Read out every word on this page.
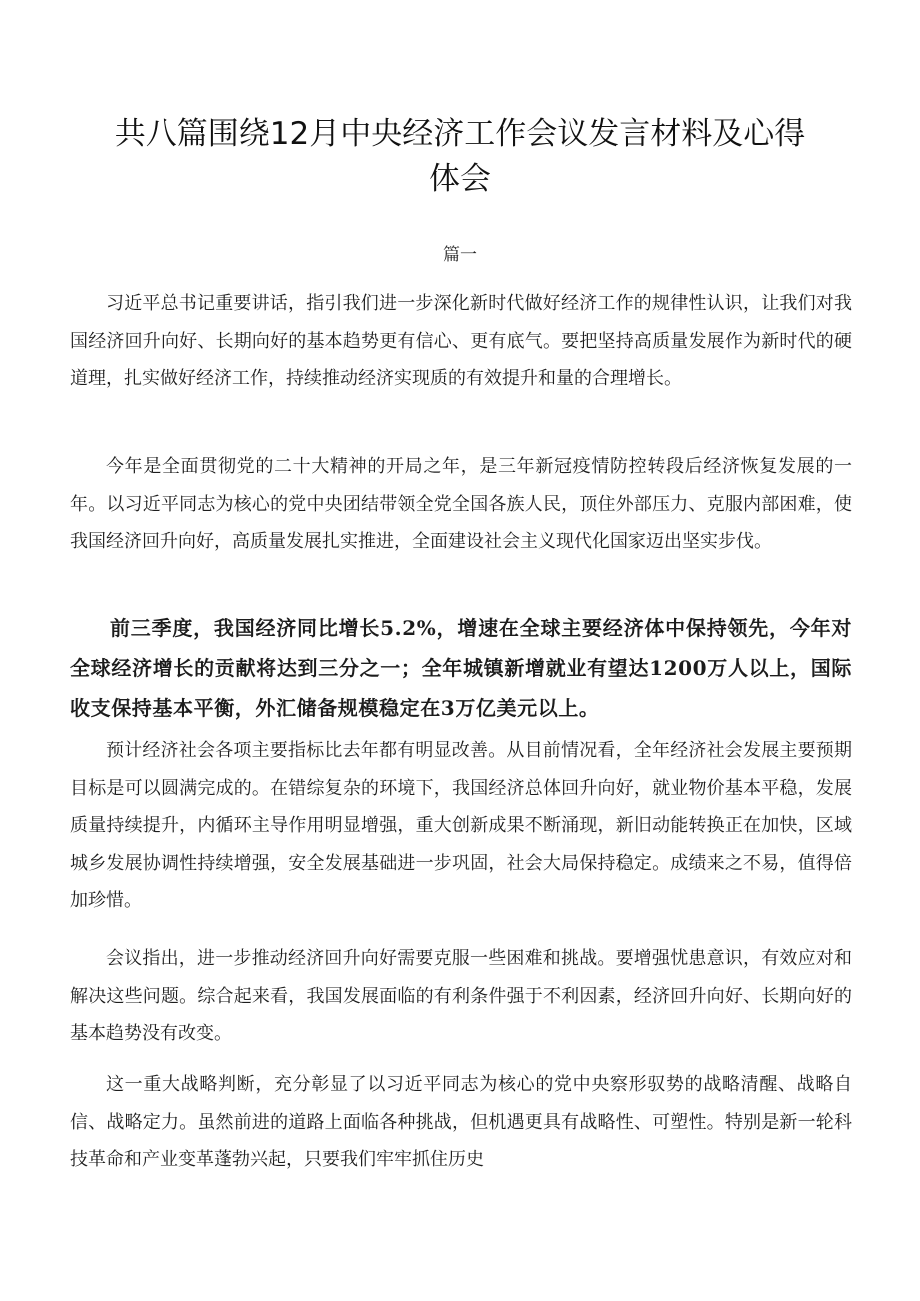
共八篇围绕12月中央经济工作会议发言材料及心得体会
篇一

习近平总书记重要讲话，指引我们进一步深化新时代做好经济工作的规律性认识，让我们对我国经济回升向好、长期向好的基本趋势更有信心、更有底气。要把坚持高质量发展作为新时代的硬道理，扎实做好经济工作，持续推动经济实现质的有效提升和量的合理增长。

今年是全面贯彻党的二十大精神的开局之年，是三年新冠疫情防控转段后经济恢复发展的一年。以习近平同志为核心的党中央团结带领全党全国各族人民，顶住外部压力、克服内部困难，使我国经济回升向好，高质量发展扎实推进，全面建设社会主义现代化国家迈出坚实步伐。

前三季度，我国经济同比增长5.2%，增速在全球主要经济体中保持领先，今年对全球经济增长的贡献将达到三分之一；全年城镇新增就业有望达1200万人以上，国际收支保持基本平衡，外汇储备规模稳定在3万亿美元以上。

预计经济社会各项主要指标比去年都有明显改善。从目前情况看，全年经济社会发展主要预期目标是可以圆满完成的。在错综复杂的环境下，我国经济总体回升向好，就业物价基本平稳，发展质量持续提升，内循环主导作用明显增强，重大创新成果不断涌现，新旧动能转换正在加快，区域城乡发展协调性持续增强，安全发展基础进一步巩固，社会大局保持稳定。成绩来之不易，值得倍加珍惜。

会议指出，进一步推动经济回升向好需要克服一些困难和挑战。要增强忧患意识，有效应对和解决这些问题。综合起来看，我国发展面临的有利条件强于不利因素，经济回升向好、长期向好的基本趋势没有改变。

这一重大战略判断，充分彰显了以习近平同志为核心的党中央察形驭势的战略清醒、战略自信、战略定力。虽然前进的道路上面临各种挑战，但机遇更具有战略性、可塑性。特别是新一轮科技革命和产业变革蓬勃兴起，只要我们牢牢抓住历史
